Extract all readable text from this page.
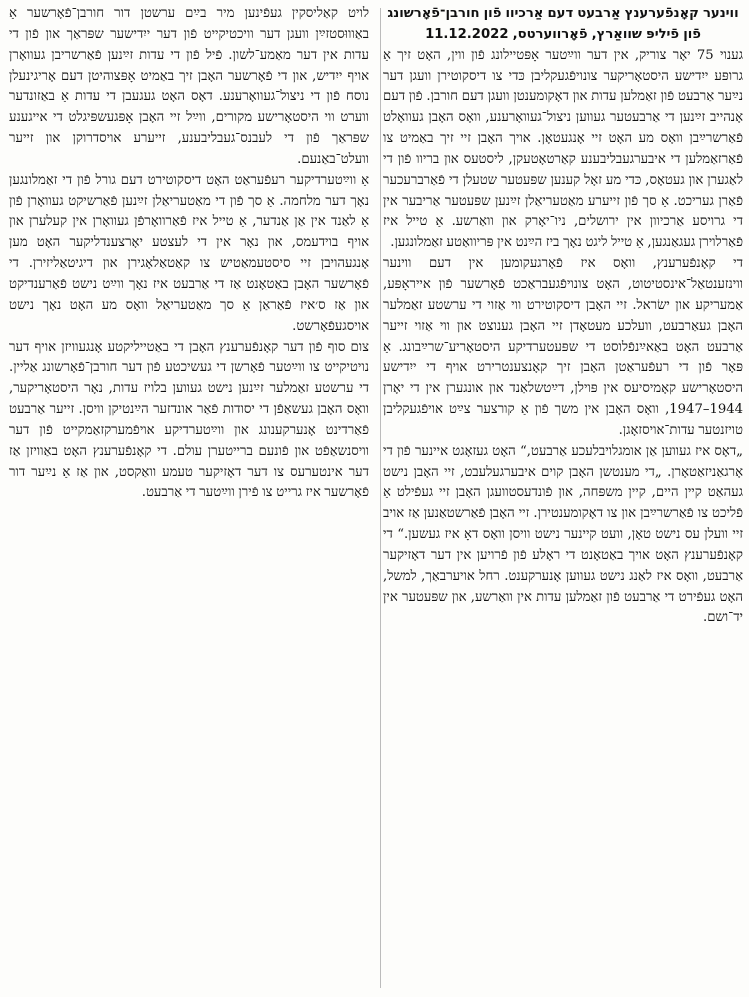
ווינער קאָנפֿערענץ אַרבעט דעם אַרכיוו פֿון חורבן־פֿאָרשונג

פֿון פֿיליפּ שוואַרץ, פֿאָרווערטס, 11.12.2022

גענוי 75 יאָר צוריק, אין דער ווײַטער אָפּטיילונג פֿון ווין, האָט זיך אַ גרופּע ייִדישע היסטאָריקער צונויפֿגעקליבן כּדי צו דיסקוטירן וועגן דער נײַער אַרבעט פֿון זאַמלען עדות און דאָקומענטן וועגן דעם חורבן. פֿון דעם אָנהייב זײַנען די אַרבעטער געווען ניצול־געוואָרענע, וואָס האָבן געוואָלט פֿאַרשרײַבן וואָס מע האָט זיי אָנגעטאָן. אויך האָבן זיי זיך באַמיט צו פֿאַרזאַמלען די איבערגעבליבענע קאַרטאָטעקן, ליסטעס און בריוו פֿון די לאַגערן און געטאָס, כּדי מע זאָל קענען שפּעטער שטעלן די פֿאַרברעכער פֿאַרן געריכט. אַ סך פֿון זייערע מאַטעריאַלן זײַנען שפּעטער אַריבער אין די גרויסע אַרכיוון אין ירושלים, ניו־יאָרק און וואַרשע. אַ טייל איז פֿאַרלוירן געגאַנגען, אַ טייל ליגט נאָך ביז הײַנט אין פּריוואַטע זאַמלונגען.

די קאָנפֿערענץ, וואָס איז פֿאָרגעקומען אין דעם ווינער ווינזענטאַל־אינסטיטוט, האָט צונויפֿגעבראַכט פֿאָרשער פֿון אייראָפּע, אַמעריקע און ישׂראל. זיי האָבן דיסקוטירט ווי אַזוי די ערשטע זאַמלער האָבן געאַרבעט, וועלכע מעטאָדן זיי האָבן גענוצט און ווי אַזוי זייער אַרבעט האָט באַאײַנפֿלוסט די שפּעטערדיקע היסטאָריע־שרײַבונג. אַ פּאָר פֿון די רעפֿעראַטן האָבן זיך קאָנצענטרירט אויף די ייִדישע היסטאָרישע קאָמיסיעס אין פּוילן, דײַטשלאַנד און אונגערן אין די יאָרן 1944–1947, וואָס האָבן אין משך פֿון אַ קורצער צײַט אויפֿגעקליבן טויזנטער עדות־אויסזאָגן.

„דאָס איז געווען אַן אומגלויבלעכע אַרבעט,“ האָט געזאָגט איינער פֿון די אָרגאַניזאַטאָרן. „די מענטשן האָבן קוים איבערגעלעבט, זיי האָבן נישט געהאַט קיין היים, קיין משפּחה, און פֿונדעסטוועגן האָבן זיי געפֿילט אַ פֿליכט צו פֿאַרשרײַבן און צו דאָקומענטירן. זיי האָבן פֿאַרשטאַנען אַז אויב זיי וועלן עס נישט טאָן, וועט קיינער נישט וויסן וואָס דאָ איז געשען.“ די קאָנפֿערענץ האָט אויך באַטאָנט די ראָלע פֿון פֿרויען אין דער דאָזיקער אַרבעט, וואָס איז לאַנג נישט געווען אָנערקענט. רחל אויערבאַך, למשל, האָט געפֿירט די אַרבעט פֿון זאַמלען עדות אין וואַרשע, און שפּעטער אין יד־ושם.

לויט קאַליסקין געפֿינען מיר בײַם ערשטן דור חורבן־פֿאָרשער אַ באַוווּסטזײַן וועגן דער וויכטיקייט פֿון דער ייִדישער שפּראַך און פֿון די עדות אין דער מאַמע־לשון. פֿיל פֿון די עדות זײַנען פֿאַרשריבן געוואָרן אויף ייִדיש, און די פֿאָרשער האָבן זיך באַמיט אָפּצוהיטן דעם אָריגינעלן נוסח פֿון די ניצול־געוואָרענע. דאָס האָט געגעבן די עדות אַ באַזונדער ווערט ווי היסטאָרישע מקורים, ווײַל זיי האָבן אָפּגעשפּיגלט די אייגענע שפּראַך פֿון די לעבנס־געבליבענע, זייערע אויסדרוקן און זייער וועלט־באַנעם.

אַ ווײַטערדיקער רעפֿעראַט האָט דיסקוטירט דעם גורל פֿון די זאַמלונגען נאָך דער מלחמה. אַ סך פֿון די מאַטעריאַלן זײַנען פֿאַרשיקט געוואָרן פֿון אַ לאַנד אין אַן אַנדער, אַ טייל איז פֿאַרוואָרפֿן געוואָרן אין קעלערן און אויף בוידעמס, און נאָר אין די לעצטע יאָרצענדליקער האָט מען אָנגעהויבן זיי סיסטעמאַטיש צו קאַטאַלאָגירן און דיגיטאַליזירן. די פֿאָרשער האָבן באַטאָנט אַז די אַרבעט איז נאָך ווײַט נישט פֿאַרענדיקט און אַז ס׳איז פֿאַראַן אַ סך מאַטעריאַל וואָס מע האָט נאָך נישט אויסגעפֿאָרשט.

צום סוף פֿון דער קאָנפֿערענץ האָבן די באַטייליקטע אָנגעוויזן אויף דער נויטיקייט צו ווײַטער פֿאָרשן די געשיכטע פֿון דער חורבן־פֿאָרשונג אַליין. די ערשטע זאַמלער זײַנען נישט געווען בלויז עדות, נאָר היסטאָריקער, וואָס האָבן געשאַפֿן די יסודות פֿאַר אונדזער הײַנטיקן וויסן. זייער אַרבעט פֿאַרדינט אָנערקענונג און ווײַטערדיקע אויפֿמערקזאַמקייט פֿון דער וויסנשאַפֿט און פֿונעם ברייטערן עולם. די קאָנפֿערענץ האָט באַוויזן אַז דער אינטערעס צו דער דאָזיקער טעמע וואַקסט, און אַז אַ נײַער דור פֿאָרשער איז גרייט צו פֿירן ווײַטער די אַרבעט.
